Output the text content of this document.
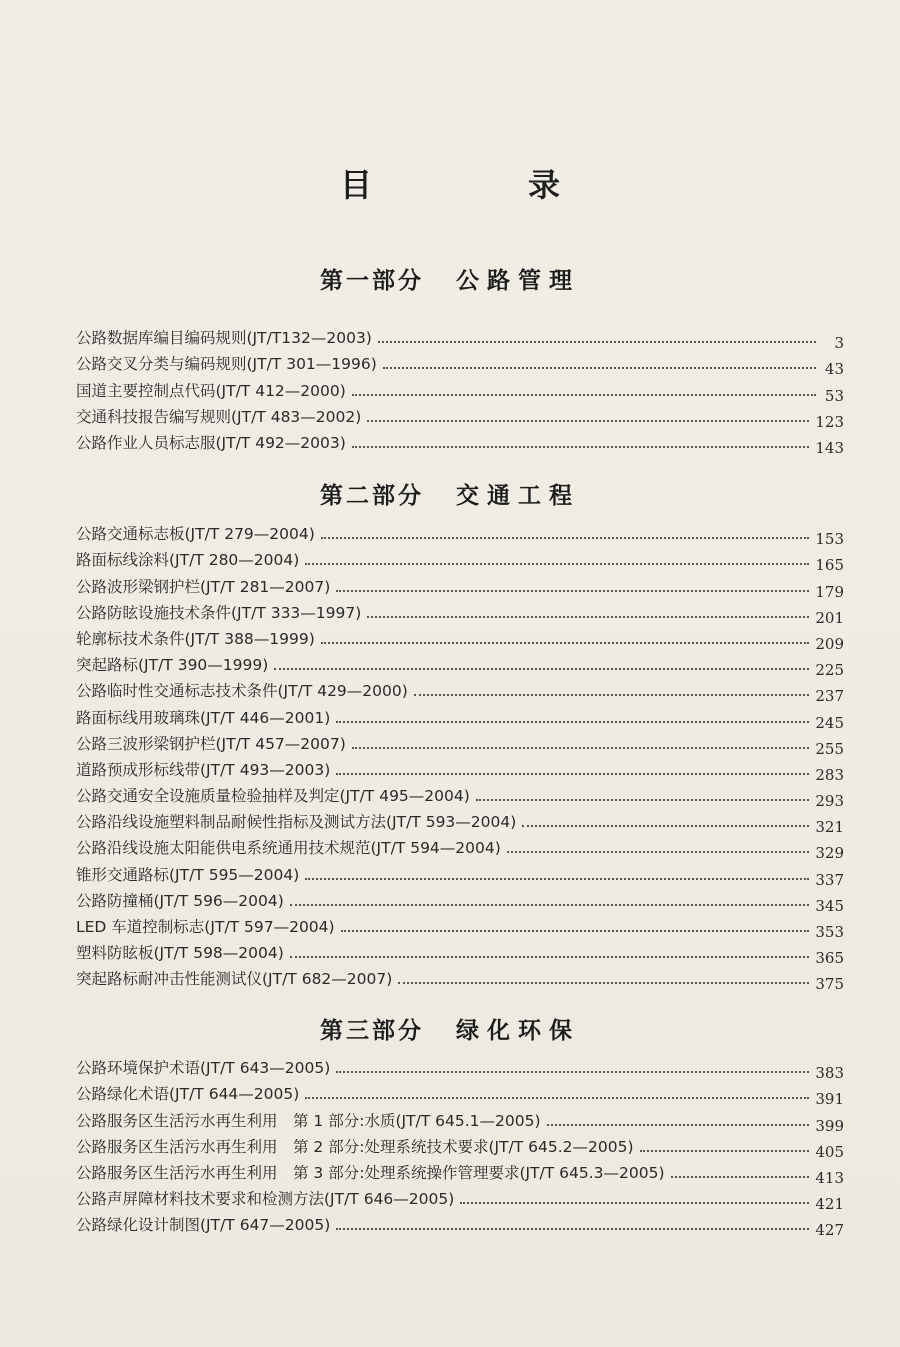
目　录
第一部分 公路管理
公路数据库编目编码规则(JT/T132—2003)	3
公路交叉分类与编码规则(JT/T 301—1996)	43
国道主要控制点代码(JT/T 412—2000)	53
交通科技报告编写规则(JT/T 483—2002)	123
公路作业人员标志服(JT/T 492—2003)	143
第二部分 交通工程
公路交通标志板(JT/T 279—2004)	153
路面标线涂料(JT/T 280—2004)	165
公路波形梁钢护栏(JT/T 281—2007)	179
公路防眩设施技术条件(JT/T 333—1997)	201
轮廓标技术条件(JT/T 388—1999)	209
突起路标(JT/T 390—1999)	225
公路临时性交通标志技术条件(JT/T 429—2000)	237
路面标线用玻璃珠(JT/T 446—2001)	245
公路三波形梁钢护栏(JT/T 457—2007)	255
道路预成形标线带(JT/T 493—2003)	283
公路交通安全设施质量检验抽样及判定(JT/T 495—2004)	293
公路沿线设施塑料制品耐候性指标及测试方法(JT/T 593—2004)	321
公路沿线设施太阳能供电系统通用技术规范(JT/T 594—2004)	329
锥形交通路标(JT/T 595—2004)	337
公路防撞桶(JT/T 596—2004)	345
LED 车道控制标志(JT/T 597—2004)	353
塑料防眩板(JT/T 598—2004)	365
突起路标耐冲击性能测试仪(JT/T 682—2007)	375
第三部分 绿化环保
公路环境保护术语(JT/T 643—2005)	383
公路绿化术语(JT/T 644—2005)	391
公路服务区生活污水再生利用　第 1 部分:水质(JT/T 645.1—2005)	399
公路服务区生活污水再生利用　第 2 部分:处理系统技术要求(JT/T 645.2—2005)	405
公路服务区生活污水再生利用　第 3 部分:处理系统操作管理要求(JT/T 645.3—2005)	413
公路声屏障材料技术要求和检测方法(JT/T 646—2005)	421
公路绿化设计制图(JT/T 647—2005)	427
